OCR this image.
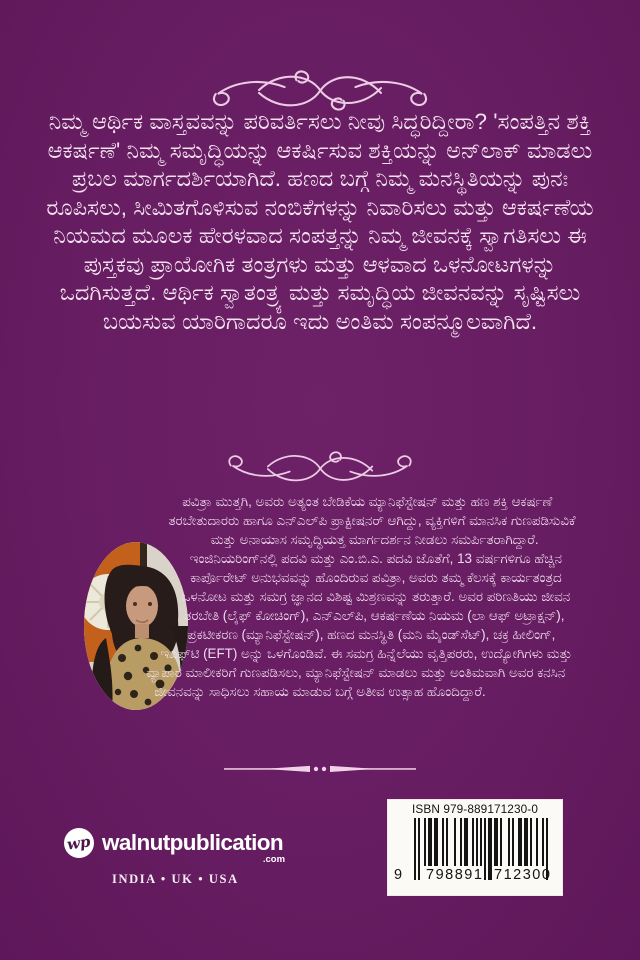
ನಿಮ್ಮ ಆರ್ಥಿಕ ವಾಸ್ತವವನ್ನು ಪರಿವರ್ತಿಸಲು ನೀವು ಸಿದ್ಧರಿದ್ದೀರಾ? 'ಸಂಪತ್ತಿನ ಶಕ್ತಿ ಆಕರ್ಷಣೆ' ನಿಮ್ಮ ಸಮೃದ್ಧಿಯನ್ನು ಆಕರ್ಷಿಸುವ ಶಕ್ತಿಯನ್ನು ಅನ್‌ಲಾಕ್ ಮಾಡಲು ಪ್ರಬಲ ಮಾರ್ಗದರ್ಶಿಯಾಗಿದೆ. ಹಣದ ಬಗ್ಗೆ ನಿಮ್ಮ ಮನಸ್ಥಿತಿಯನ್ನು ಪುನಃ ರೂಪಿಸಲು, ಸೀಮಿತಗೊಳಿಸುವ ನಂಬಿಕೆಗಳನ್ನು ನಿವಾರಿಸಲು ಮತ್ತು ಆಕರ್ಷಣೆಯ ನಿಯಮದ ಮೂಲಕ ಹೇರಳವಾದ ಸಂಪತ್ತನ್ನು ನಿಮ್ಮ ಜೀವನಕ್ಕೆ ಸ್ವಾಗತಿಸಲು ಈ ಪುಸ್ತಕವು ಪ್ರಾಯೋಗಿಕ ತಂತ್ರಗಳು ಮತ್ತು ಆಳವಾದ ಒಳನೋಟಗಳನ್ನು ಒದಗಿಸುತ್ತದೆ. ಆರ್ಥಿಕ ಸ್ವಾತಂತ್ರ್ಯ ಮತ್ತು ಸಮೃದ್ಧಿಯ ಜೀವನವನ್ನು ಸೃಷ್ಟಿಸಲು ಬಯಸುವ ಯಾರಿಗಾದರೂ ಇದು ಅಂತಿಮ ಸಂಪನ್ಮೂಲವಾಗಿದೆ.

ಪವಿತ್ರಾ ಮುತ್ತಗಿ, ಅವರು ಅತ್ಯಂತ ಬೇಡಿಕೆಯ ಮ್ಯಾನಿಫೆಸ್ಟೇಷನ್ ಮತ್ತು ಹಣ ಶಕ್ತಿ ಆಕರ್ಷಣೆ ತರಬೇತುದಾರರು ಹಾಗೂ ಎನ್‌ಎಲ್‌ಪಿ ಪ್ರಾಕ್ಟೀಷನರ್ ಆಗಿದ್ದು, ವ್ಯಕ್ತಿಗಳಿಗೆ ಮಾನಸಿಕ ಗುಣಪಡಿಸುವಿಕೆ ಮತ್ತು ಅನಾಯಾಸ ಸಮೃದ್ಧಿಯತ್ತ ಮಾರ್ಗದರ್ಶನ ನೀಡಲು ಸಮರ್ಪಿತರಾಗಿದ್ದಾರೆ. ಇಂಜಿನಿಯರಿಂಗ್‌ನಲ್ಲಿ ಪದವಿ ಮತ್ತು ಎಂ.ಬಿ.ಎ. ಪದವಿ ಜೊತೆಗೆ, 13 ವರ್ಷಗಳಿಗೂ ಹೆಚ್ಚಿನ ಕಾರ್ಪೊರೇಟ್ ಅನುಭವವನ್ನು ಹೊಂದಿರುವ ಪವಿತ್ರಾ, ಅವರು ತಮ್ಮ ಕೆಲಸಕ್ಕೆ ಕಾರ್ಯತಂತ್ರದ ಒಳನೋಟ ಮತ್ತು ಸಮಗ್ರ ಜ್ಞಾನದ ವಿಶಿಷ್ಟ ಮಿಶ್ರಣವನ್ನು ತರುತ್ತಾರೆ. ಅವರ ಪರಿಣತಿಯು ಜೀವನ ತರಬೇತಿ (ಲೈಫ್ ಕೋಚಿಂಗ್), ಎನ್‌ಎಲ್‌ಪಿ, ಆಕರ್ಷಣೆಯ ನಿಯಮ (ಲಾ ಆಫ್ ಅಟ್ರಾಕ್ಷನ್), ಪ್ರಕಟೀಕರಣ (ಮ್ಯಾನಿಫೆಸ್ಟೇಷನ್), ಹಣದ ಮನಸ್ಥಿತಿ (ಮನಿ ಮೈಂಡ್‌ಸೆಟ್), ಚಕ್ರ ಹೀಲಿಂಗ್, ಇಎಫ್‌ಟಿ (EFT) ಅನ್ನು ಒಳಗೊಂಡಿವೆ. ಈ ಸಮಗ್ರ ಹಿನ್ನೆಲೆಯು ವೃತ್ತಿಪರರು, ಉದ್ಯೋಗಿಗಳು ಮತ್ತು ವ್ಯಾಪಾರ ಮಾಲೀಕರಿಗೆ ಗುಣಪಡಿಸಲು, ಮ್ಯಾನಿಫೆಸ್ಟೇಷನ್ ಮಾಡಲು ಮತ್ತು ಅಂತಿಮವಾಗಿ ಅವರ ಕನಸಿನ ಜೀವನವನ್ನು ಸಾಧಿಸಲು ಸಹಾಯ ಮಾಡುವ ಬಗ್ಗೆ ಅತೀವ ಉತ್ಸಾಹ ಹೊಂದಿದ್ದಾರೆ.
wp walnutpublication
.com
INDIA • UK • USA
ISBN 979-889171230-0
9 798891 712300
